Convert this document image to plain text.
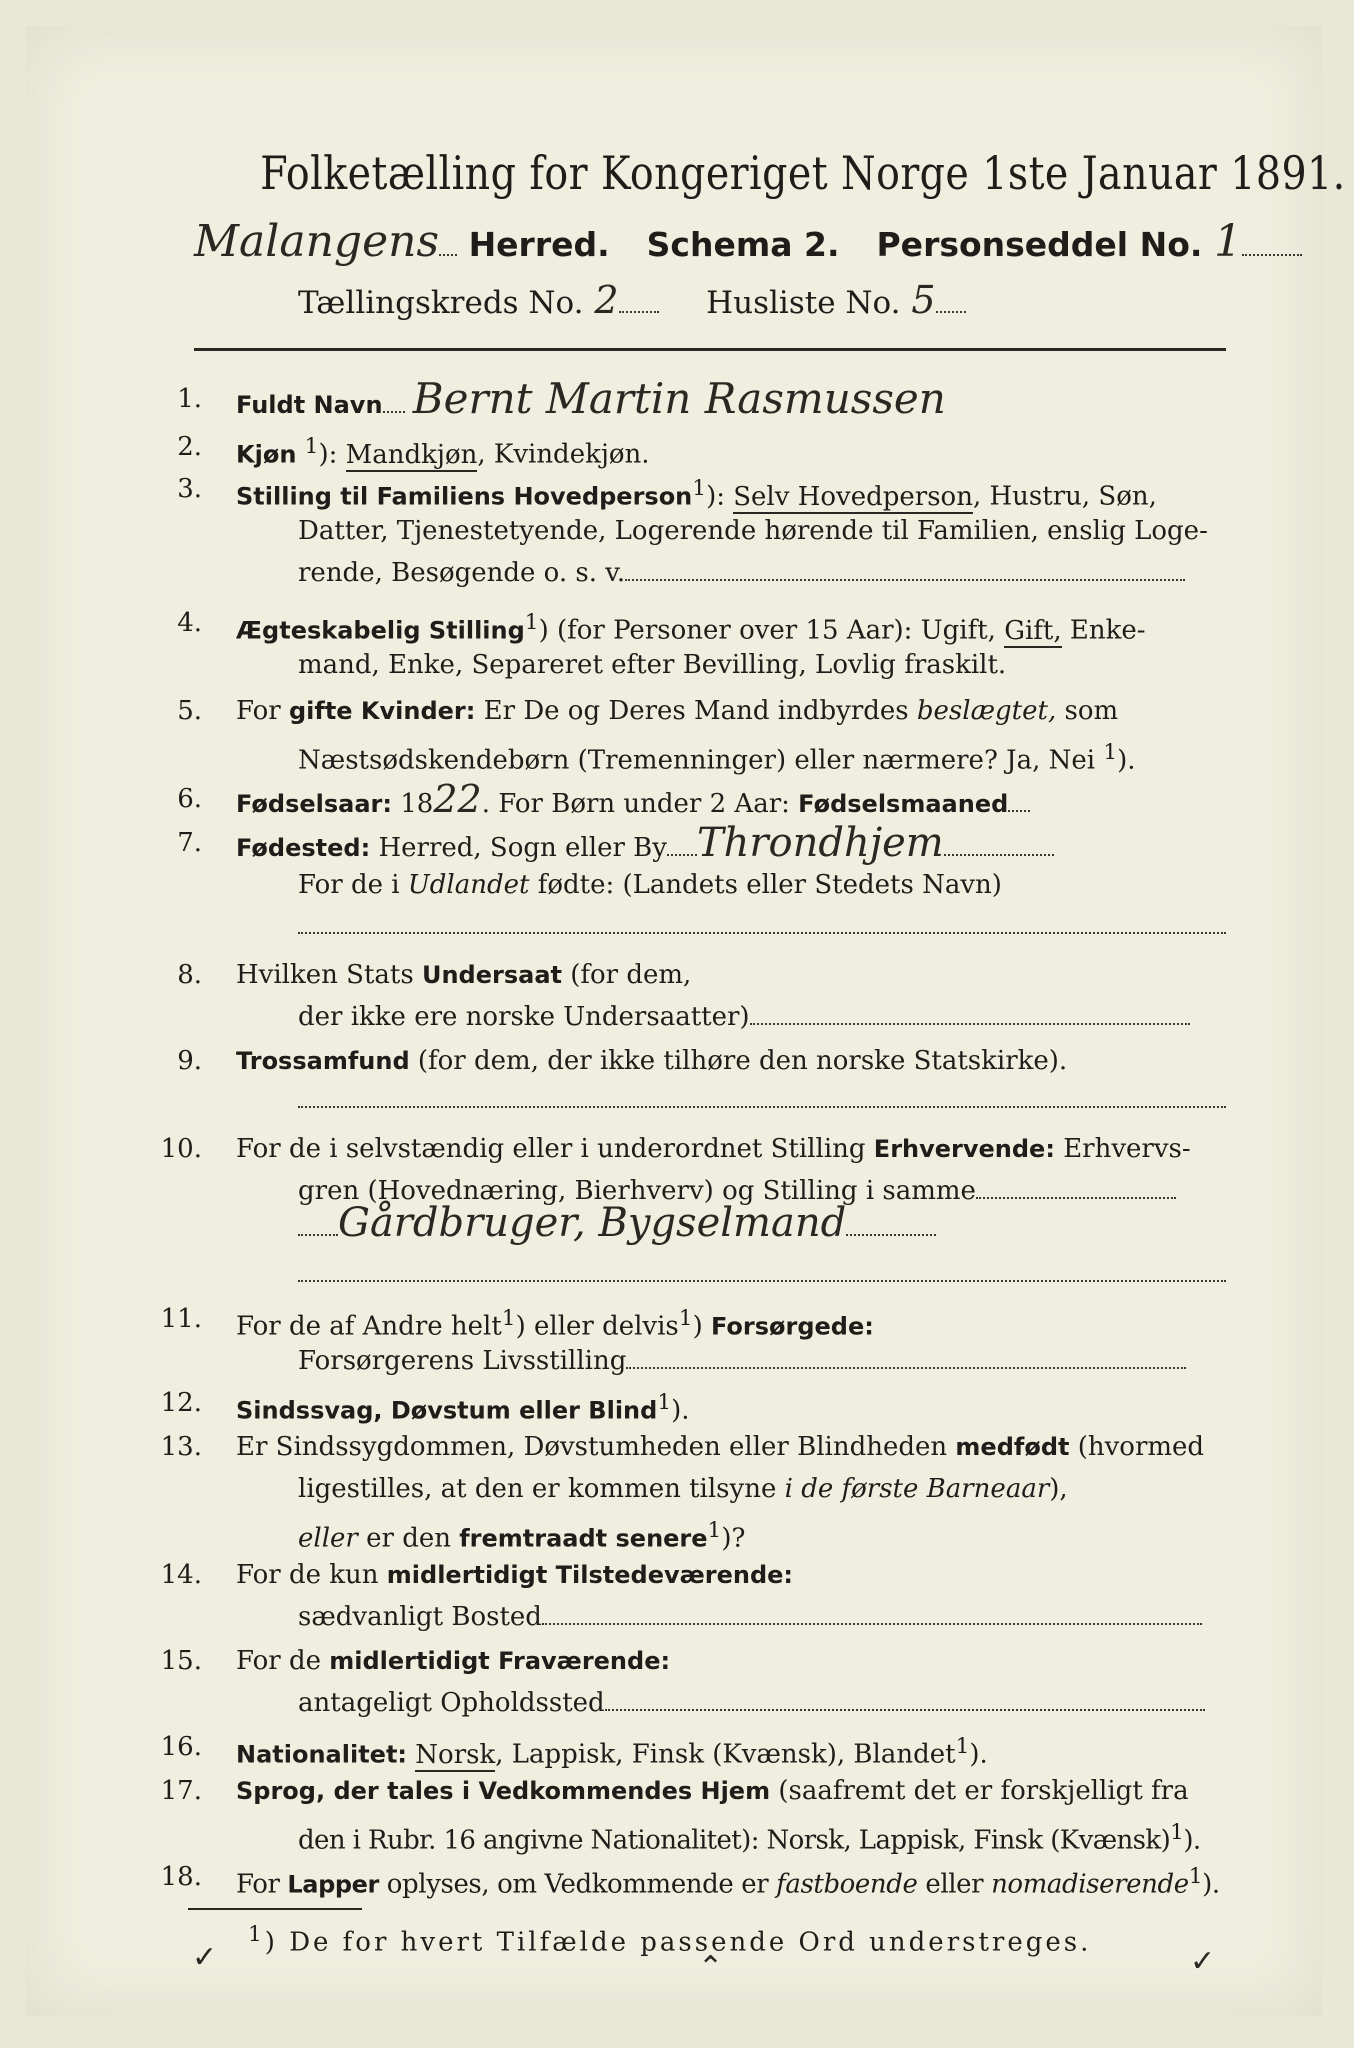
Folketælling for Kongeriget Norge 1ste Januar 1891.
Malangens Herred. Schema 2. Personseddel No. 1
Tællingskreds No. 2	Husliste No. 5
1. Fuldt Navn Bernt Martin Rasmussen
2. Kjøn $^1$): Mandkjøn, Kvindekjøn.
3. Stilling til Familiens Hovedperson$^1$): Selv Hovedperson, Hustru, Søn,
Datter, Tjenestetyende, Logerende hørende til Familien, enslig Loge-
rende, Besøgende o. s. v.
4. Ægteskabelig Stilling$^1$) (for Personer over 15 Aar): Ugift, Gift, Enke-
mand, Enke, Separeret efter Bevilling, Lovlig fraskilt.
5. For gifte Kvinder: Er De og Deres Mand indbyrdes beslægtet, som
Næstsødskendebørn (Tremenninger) eller nærmere? Ja, Nei $^1$).
6. Fødselsaar: 1822. For Børn under 2 Aar: Fødselsmaaned
7. Fødested: Herred, Sogn eller By Throndhjem
For de i Udlandet fødte: (Landets eller Stedets Navn)
8. Hvilken Stats Undersaat (for dem,
der ikke ere norske Undersaatter)
9. Trossamfund (for dem, der ikke tilhøre den norske Statskirke).
10. For de i selvstændig eller i underordnet Stilling Erhvervende: Erhvervs-
gren (Hovednæring, Bierhverv) og Stilling i samme
Gårdbruger, Bygselmand
11. For de af Andre helt$^1$) eller delvis$^1$) Forsørgede:
Forsørgerens Livsstilling
12. Sindssvag, Døvstum eller Blind$^1$).
13. Er Sindssygdommen, Døvstumheden eller Blindheden medfødt (hvormed
ligestilles, at den er kommen tilsyne i de første Barneaar),
eller er den fremtraadt senere$^1$)?
14. For de kun midlertidigt Tilstedeværende:
sædvanligt Bosted
15. For de midlertidigt Fraværende:
antageligt Opholdssted
16. Nationalitet: Norsk, Lappisk, Finsk (Kvænsk), Blandet$^1$).
17. Sprog, der tales i Vedkommendes Hjem (saafremt det er forskjelligt fra
den i Rubr. 16 angivne Nationalitet): Norsk, Lappisk, Finsk (Kvænsk)$^1$).
18. For Lapper oplyses, om Vedkommende er fastboende eller nomadiserende$^1$).
$^1$) De for hvert Tilfælde passende Ord understreges.
✓	⌃	✓
